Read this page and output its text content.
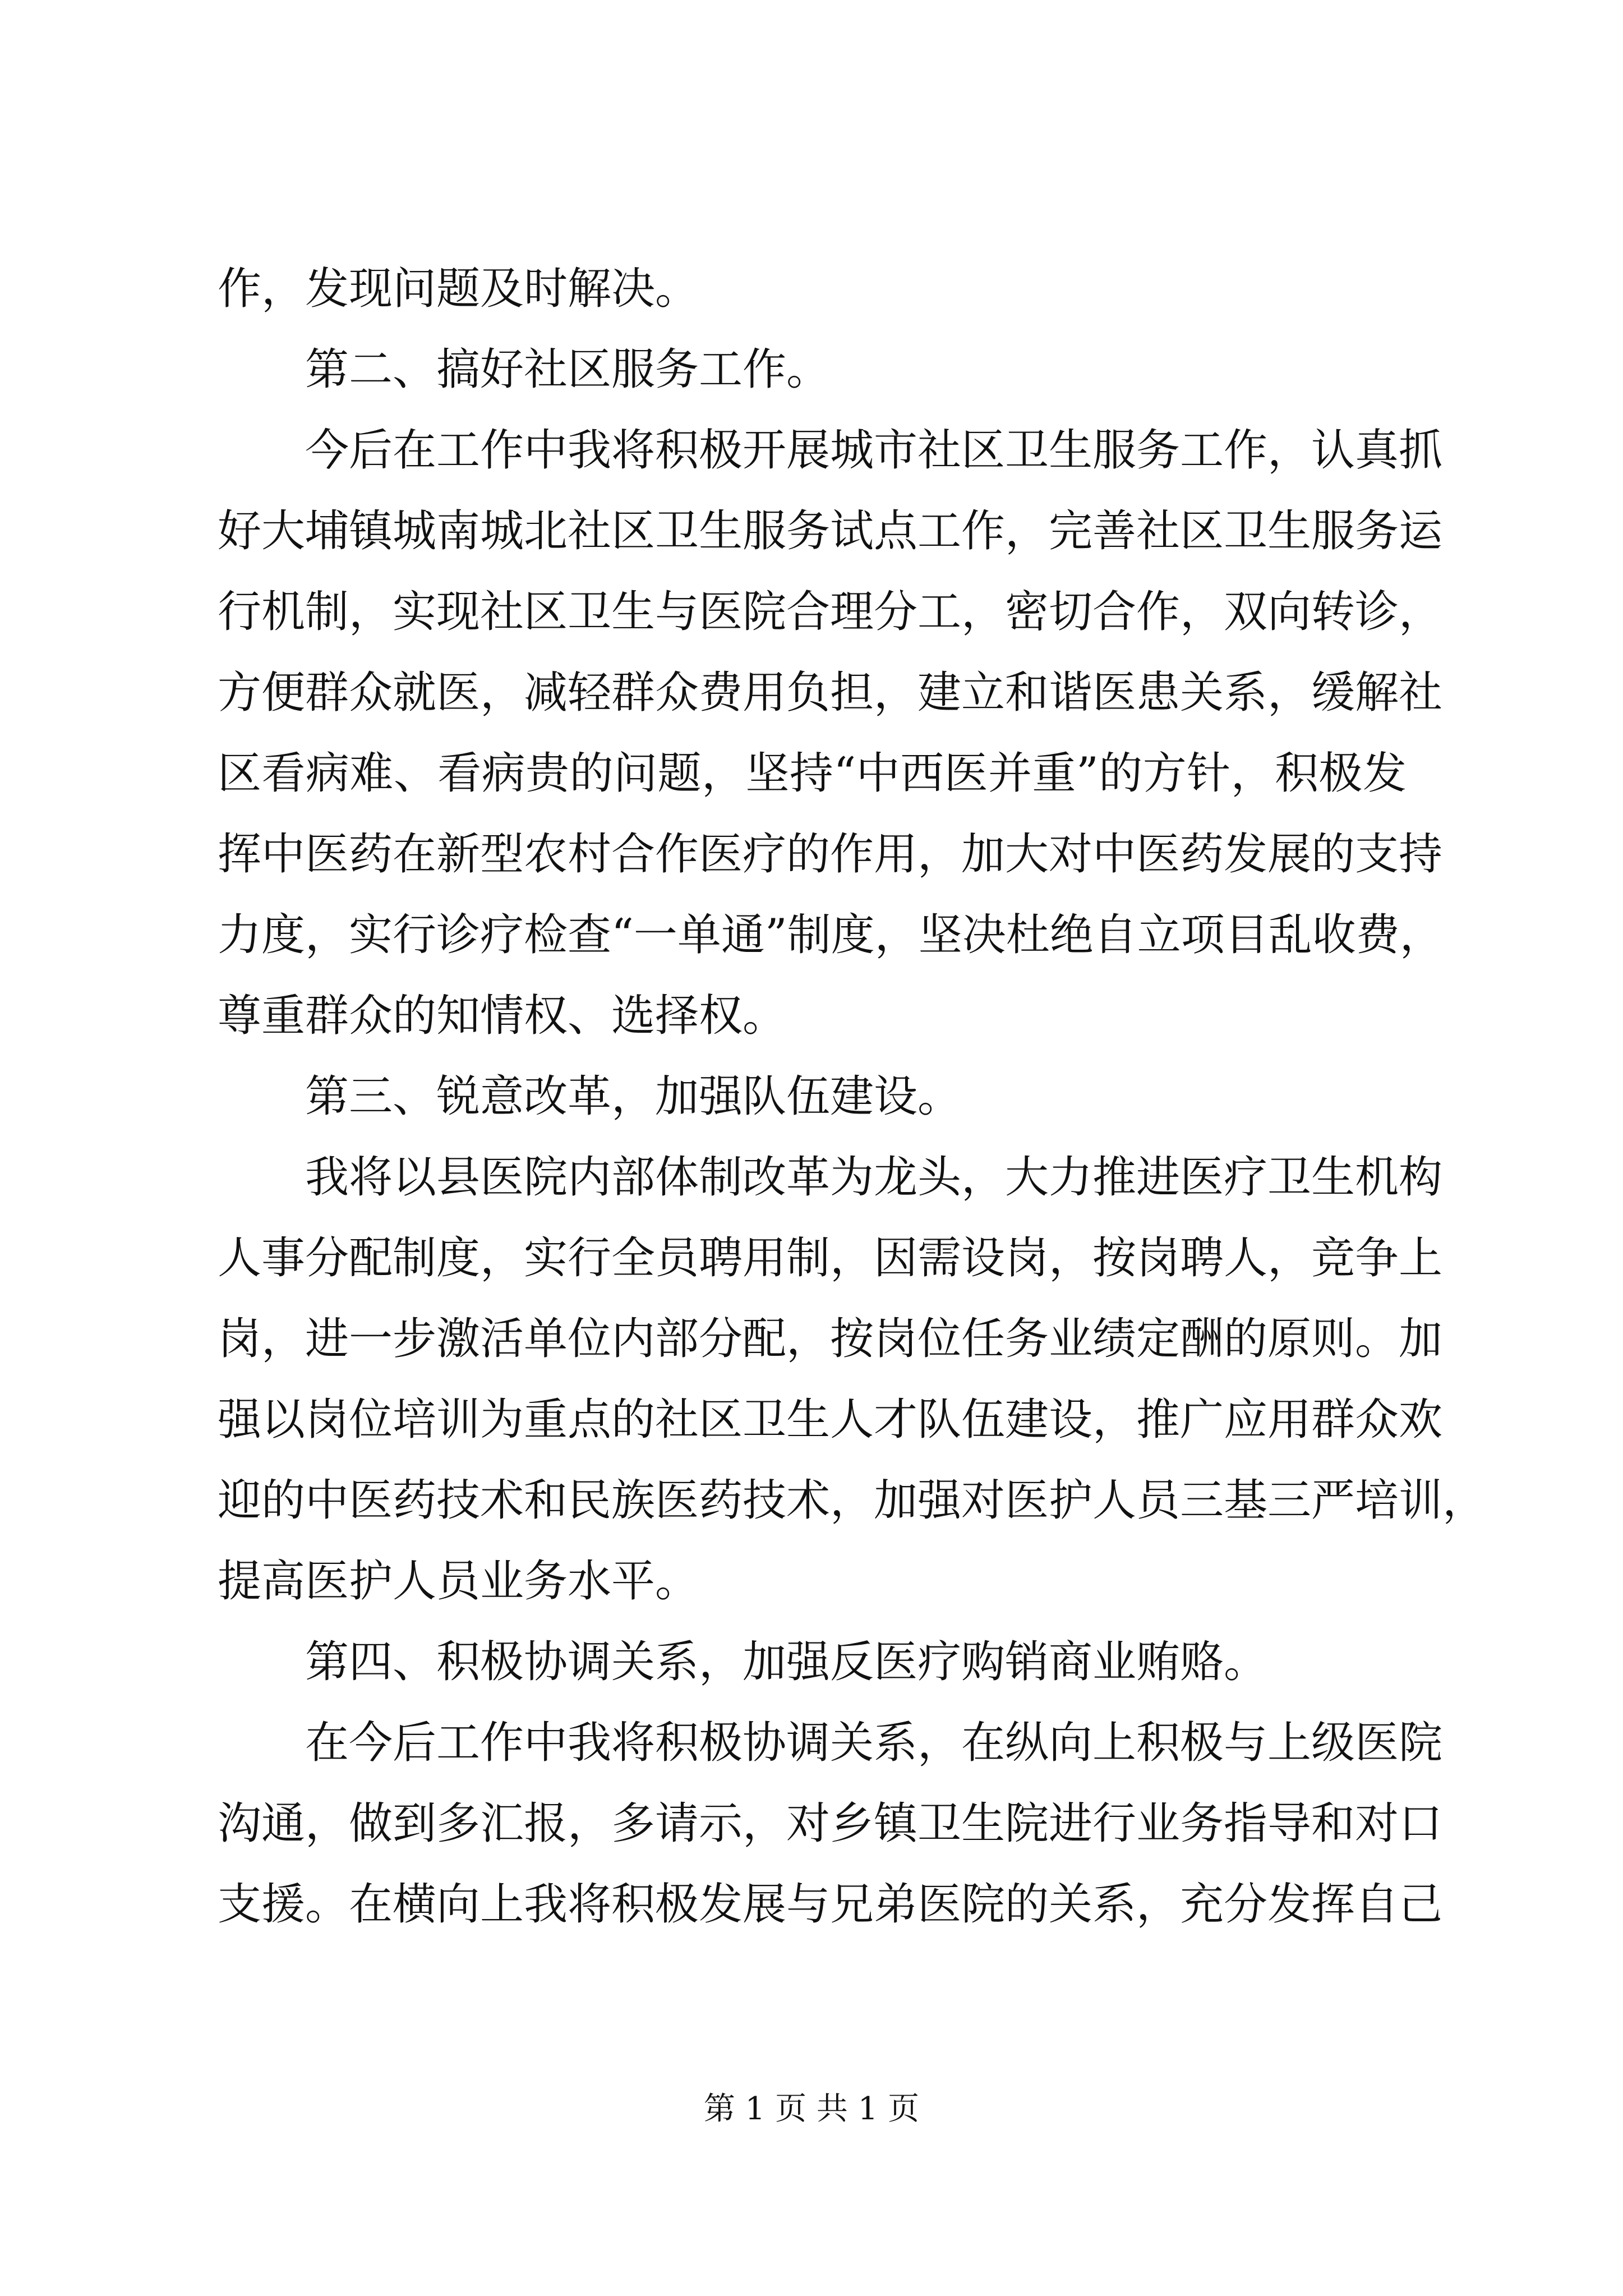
作，发现问题及时解决。
第二、搞好社区服务工作。
今后在工作中我将积极开展城市社区卫生服务工作，认真抓
好大埔镇城南城北社区卫生服务试点工作，完善社区卫生服务运
行机制，实现社区卫生与医院合理分工，密切合作，双向转诊，
方便群众就医，减轻群众费用负担，建立和谐医患关系，缓解社
区看病难、看病贵的问题，坚持“中西医并重”的方针，积极发
挥中医药在新型农村合作医疗的作用，加大对中医药发展的支持
力度，实行诊疗检查“一单通”制度，坚决杜绝自立项目乱收费，
尊重群众的知情权、选择权。
第三、锐意改革，加强队伍建设。
我将以县医院内部体制改革为龙头，大力推进医疗卫生机构
人事分配制度，实行全员聘用制，因需设岗，按岗聘人，竞争上
岗，进一步激活单位内部分配，按岗位任务业绩定酬的原则。加
强以岗位培训为重点的社区卫生人才队伍建设，推广应用群众欢
迎的中医药技术和民族医药技术，加强对医护人员三基三严培训，
提高医护人员业务水平。
第四、积极协调关系，加强反医疗购销商业贿赂。
在今后工作中我将积极协调关系，在纵向上积极与上级医院
沟通，做到多汇报，多请示，对乡镇卫生院进行业务指导和对口
支援。在横向上我将积极发展与兄弟医院的关系，充分发挥自己
第 1 页 共 1 页
